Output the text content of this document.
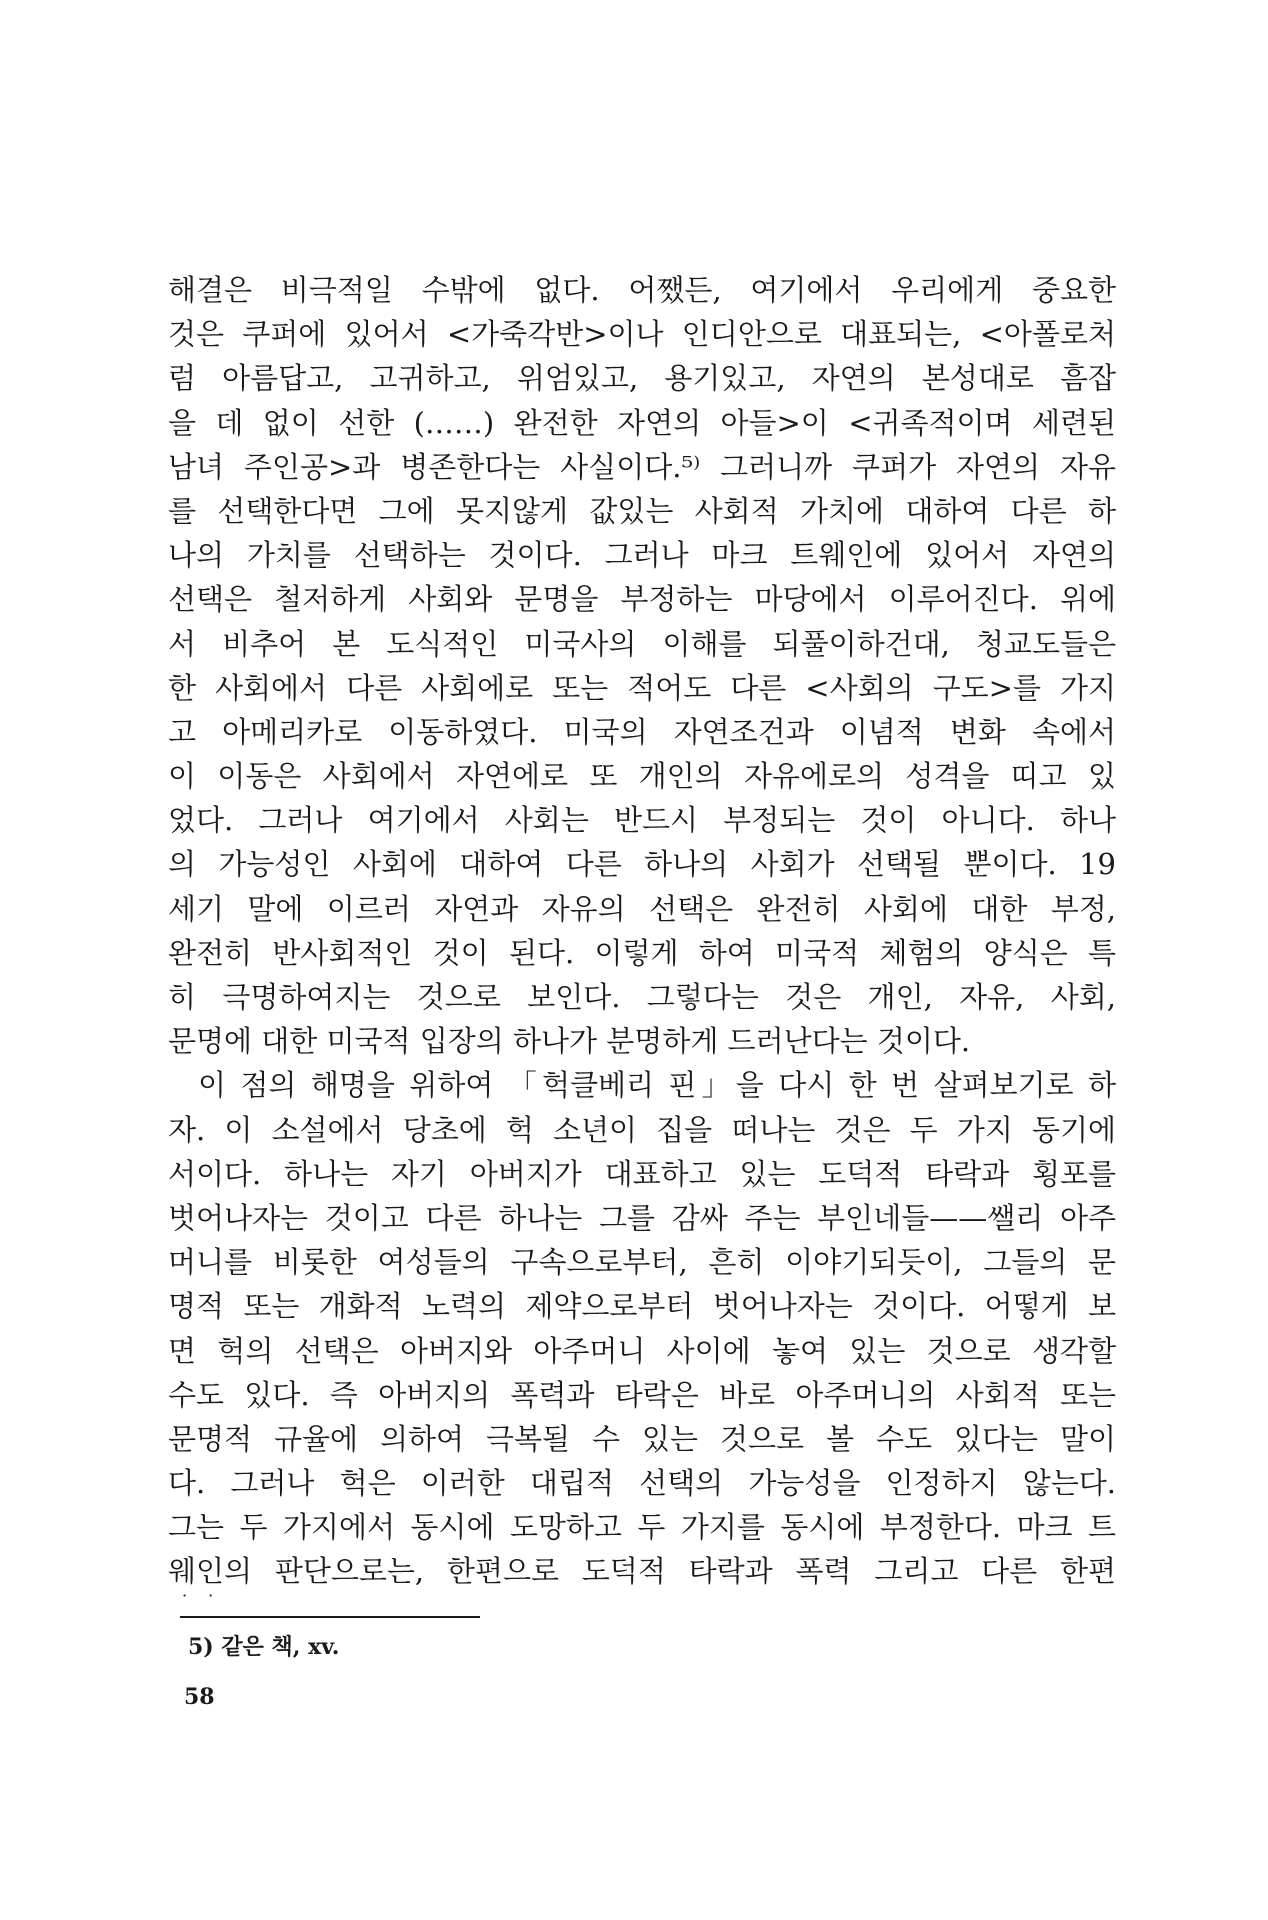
해결은 비극적일 수밖에 없다. 어쨌든, 여기에서 우리에게 중요한
것은 쿠퍼에 있어서 <가죽각반>이나 인디안으로 대표되는, <아폴로처
럼 아름답고, 고귀하고, 위엄있고, 용기있고, 자연의 본성대로 흠잡
을 데 없이 선한 (……) 완전한 자연의 아들>이 <귀족적이며 세련된
남녀 주인공>과 병존한다는 사실이다.⁵⁾ 그러니까 쿠퍼가 자연의 자유
를 선택한다면 그에 못지않게 값있는 사회적 가치에 대하여 다른 하
나의 가치를 선택하는 것이다. 그러나 마크 트웨인에 있어서 자연의
선택은 철저하게 사회와 문명을 부정하는 마당에서 이루어진다. 위에
서 비추어 본 도식적인 미국사의 이해를 되풀이하건대, 청교도들은
한 사회에서 다른 사회에로 또는 적어도 다른 <사회의 구도>를 가지
고 아메리카로 이동하였다. 미국의 자연조건과 이념적 변화 속에서
이 이동은 사회에서 자연에로 또 개인의 자유에로의 성격을 띠고 있
었다. 그러나 여기에서 사회는 반드시 부정되는 것이 아니다. 하나
의 가능성인 사회에 대하여 다른 하나의 사회가 선택될 뿐이다. 19
세기 말에 이르러 자연과 자유의 선택은 완전히 사회에 대한 부정,
완전히 반사회적인 것이 된다. 이렇게 하여 미국적 체험의 양식은 특
히 극명하여지는 것으로 보인다. 그렇다는 것은 개인, 자유, 사회,
문명에 대한 미국적 입장의 하나가 분명하게 드러난다는 것이다.
이 점의 해명을 위하여 「헉클베리 핀」을 다시 한 번 살펴보기로 하
자. 이 소설에서 당초에 헉 소년이 집을 떠나는 것은 두 가지 동기에
서이다. 하나는 자기 아버지가 대표하고 있는 도덕적 타락과 횡포를
벗어나자는 것이고 다른 하나는 그를 감싸 주는 부인네들——쌜리 아주
머니를 비롯한 여성들의 구속으로부터, 흔히 이야기되듯이, 그들의 문
명적 또는 개화적 노력의 제약으로부터 벗어나자는 것이다. 어떻게 보
면 헉의 선택은 아버지와 아주머니 사이에 놓여 있는 것으로 생각할
수도 있다. 즉 아버지의 폭력과 타락은 바로 아주머니의 사회적 또는
문명적 규율에 의하여 극복될 수 있는 것으로 볼 수도 있다는 말이
다. 그러나 헉은 이러한 대립적 선택의 가능성을 인정하지 않는다.
그는 두 가지에서 동시에 도망하고 두 가지를 동시에 부정한다. 마크 트
웨인의 판단으로는, 한편으로 도덕적 타락과 폭력 그리고 다른 한편
· ·
5) 같은 책, xv.
58
